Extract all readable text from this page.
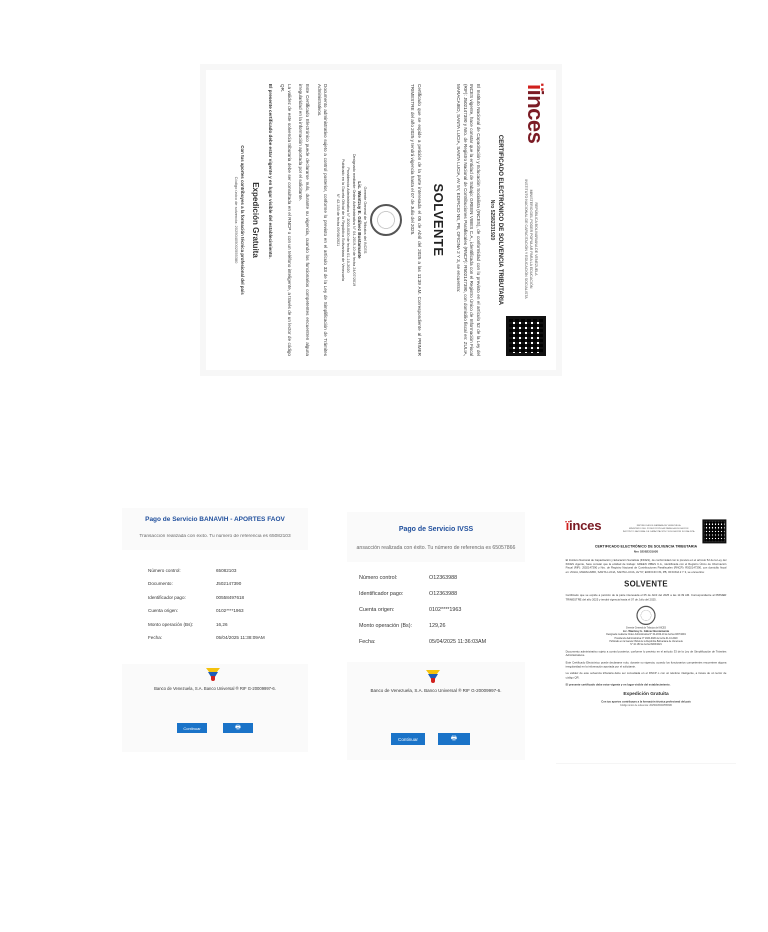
ïinces
REPÚBLICA BOLIVARIANA DE VENEZUELA
MINISTERIO DEL PODER POPULAR PARA LA EDUCACIÓN
INSTITUTO NACIONAL DE CAPACITACIÓN Y EDUCACIÓN SOCIALISTA
CERTIFICADO ELECTRÓNICO DE SOLVENCIA TRIBUTARIA
Nro 52582331920

El Instituto Nacional de Capacitación y Educación Socialista (INCES), de conformidad con lo previsto en el artículo 52 de la Ley del INCES vigente, hace constar que la entidad de trabajo: GREEN VIBES C.A., identificada con el Registro Único de Información Fiscal (RIF): J502147390 y Nro. de Registro Nacional de Contribuciones Parafiscales (RNCP): R502147390, con domicilio fiscal en: ZULIA, MARACAIBO, SANTA LUCIA, SANTA LUCIA, AV 5Y, EDIFICIO NS, PB, OFICINA 2 Y 3, se encuentra:

SOLVENTE

Certificado que se expide a petición de la parte interesada el 05 de Abril del 2025 a las 11:39 AM. Correspondiente al PRIMER TRIMESTRE del año 2025 y tendrá vigencia hasta el 07 de Julio del 2025.

Gerente General de Tributos del INCES
Lic. Wantzuy E. Gálvez Bustamante
Designado mediante Orden Administrativa N° 04-2019-10 de fecha 24/07/2019
Providencia Administrativa N° 2020-0020 de fecha 01-10-2020
Publicado en la Gaceta Oficial de la República Bolivariana de Venezuela
N° 42.153 de fecha 09/06/2021

Documento administrativo sujeto a control posterior, conforme lo previsto en el artículo 33 de la Ley de Simplificación de Trámites Administrativos.

Este Certificado Electrónico puede declararse nulo, durante su vigencia, cuando los funcionarios competentes encuentren alguna irregularidad en la información aportada por el solicitante.

La validez de este solvencia tributaria debe ser consultada en el RNCP o con un teléfono inteligente, a través de un lector de código QR.

El presente certificado debe estar vigente y en lugar visible del establecimiento.

Expedición Gratuita
Con tus aportes contribuyes a la formación técnica profesional del país
Código único de solvencia: 20250405002555380
Pago de Servicio BANAVIH - APORTES FAOV
Transacción realizada con éxito. Tu número de referencia es 65082103
Número control:	65082103
Documento:	J502147390
Identificador pago:	00558497618
Cuenta origen:	0102****1963
Monto operación (Bs):	16,26
Fecha:	05/04/2025 11:38:09AM
Banco de Venezuela, S.A. Banco Universal ® RIF G-20009997-6.
Continuar	🖶
Pago de Servicio IVSS
ansacción realizada con éxito. Tu número de referencia es 65057866
Número control:	O12363988
Identificador pago:	O12363988
Cuenta origen:	0102****1963
Monto operación (Bs):	129,26
Fecha:	05/04/2025 11:36:03AM
Banco de Venezuela, S.A. Banco Universal ® RIF G-20009997-6.
Continuar	🖶
ïinces	REPÚBLICA BOLIVARIANA DE VENEZUELA
MINISTERIO DEL PODER POPULAR PARA LA EDUCACIÓN
INSTITUTO NACIONAL DE CAPACITACIÓN Y EDUCACIÓN SOCIALISTA
CERTIFICADO ELECTRÓNICO DE SOLVENCIA TRIBUTARIA
Nro 52582331920

El Instituto Nacional de Capacitación y Educación Socialista (INCES), de conformidad con lo previsto en el artículo 52 de la Ley del INCES vigente, hace constar que la entidad de trabajo: GREEN VIBES C.A., identificada con el Registro Único de Información Fiscal (RIF): J502147390 y Nro. de Registro Nacional de Contribuciones Parafiscales (RNCP): R502147390, con domicilio fiscal en: ZULIA, MARACAIBO, SANTA LUCIA, SANTA LUCIA, AV 5Y, EDIFICIO NS, PB, OFICINA 2 Y 3, se encuentra:

SOLVENTE

Certificado que se expide a petición de la parte interesada el 05 de Abril del 2025 a las 11:39 AM. Correspondiente al PRIMER TRIMESTRE del año 2025 y tendrá vigencia hasta el 07 de Julio del 2025.

Gerente General de Tributos del INCES
Lic. Wantzuy E. Gálvez Bustamante
Designado mediante Orden Administrativa N° 04-2019-10 de fecha 24/07/2019
Providencia Administrativa N° 2020-0020 de fecha 01-10-2020
Publicado en la Gaceta Oficial de la República Bolivariana de Venezuela
N° 42.153 de fecha 09/06/2021

Documento administrativo sujeto a control posterior, conforme lo previsto en el artículo 33 de la Ley de Simplificación de Trámites Administrativos.

Este Certificado Electrónico puede declararse nulo, durante su vigencia, cuando los funcionarios competentes encuentren alguna irregularidad en la información aportada por el solicitante.

La validez de este solvencia tributaria debe ser consultada en el RNCP o con un teléfono inteligente, a través de un lector de código QR.

El presente certificado debe estar vigente y en lugar visible del establecimiento.

Expedición Gratuita
Con tus aportes contribuyes a la formación técnica profesional del país
Código único de solvencia: 20250405002555380
